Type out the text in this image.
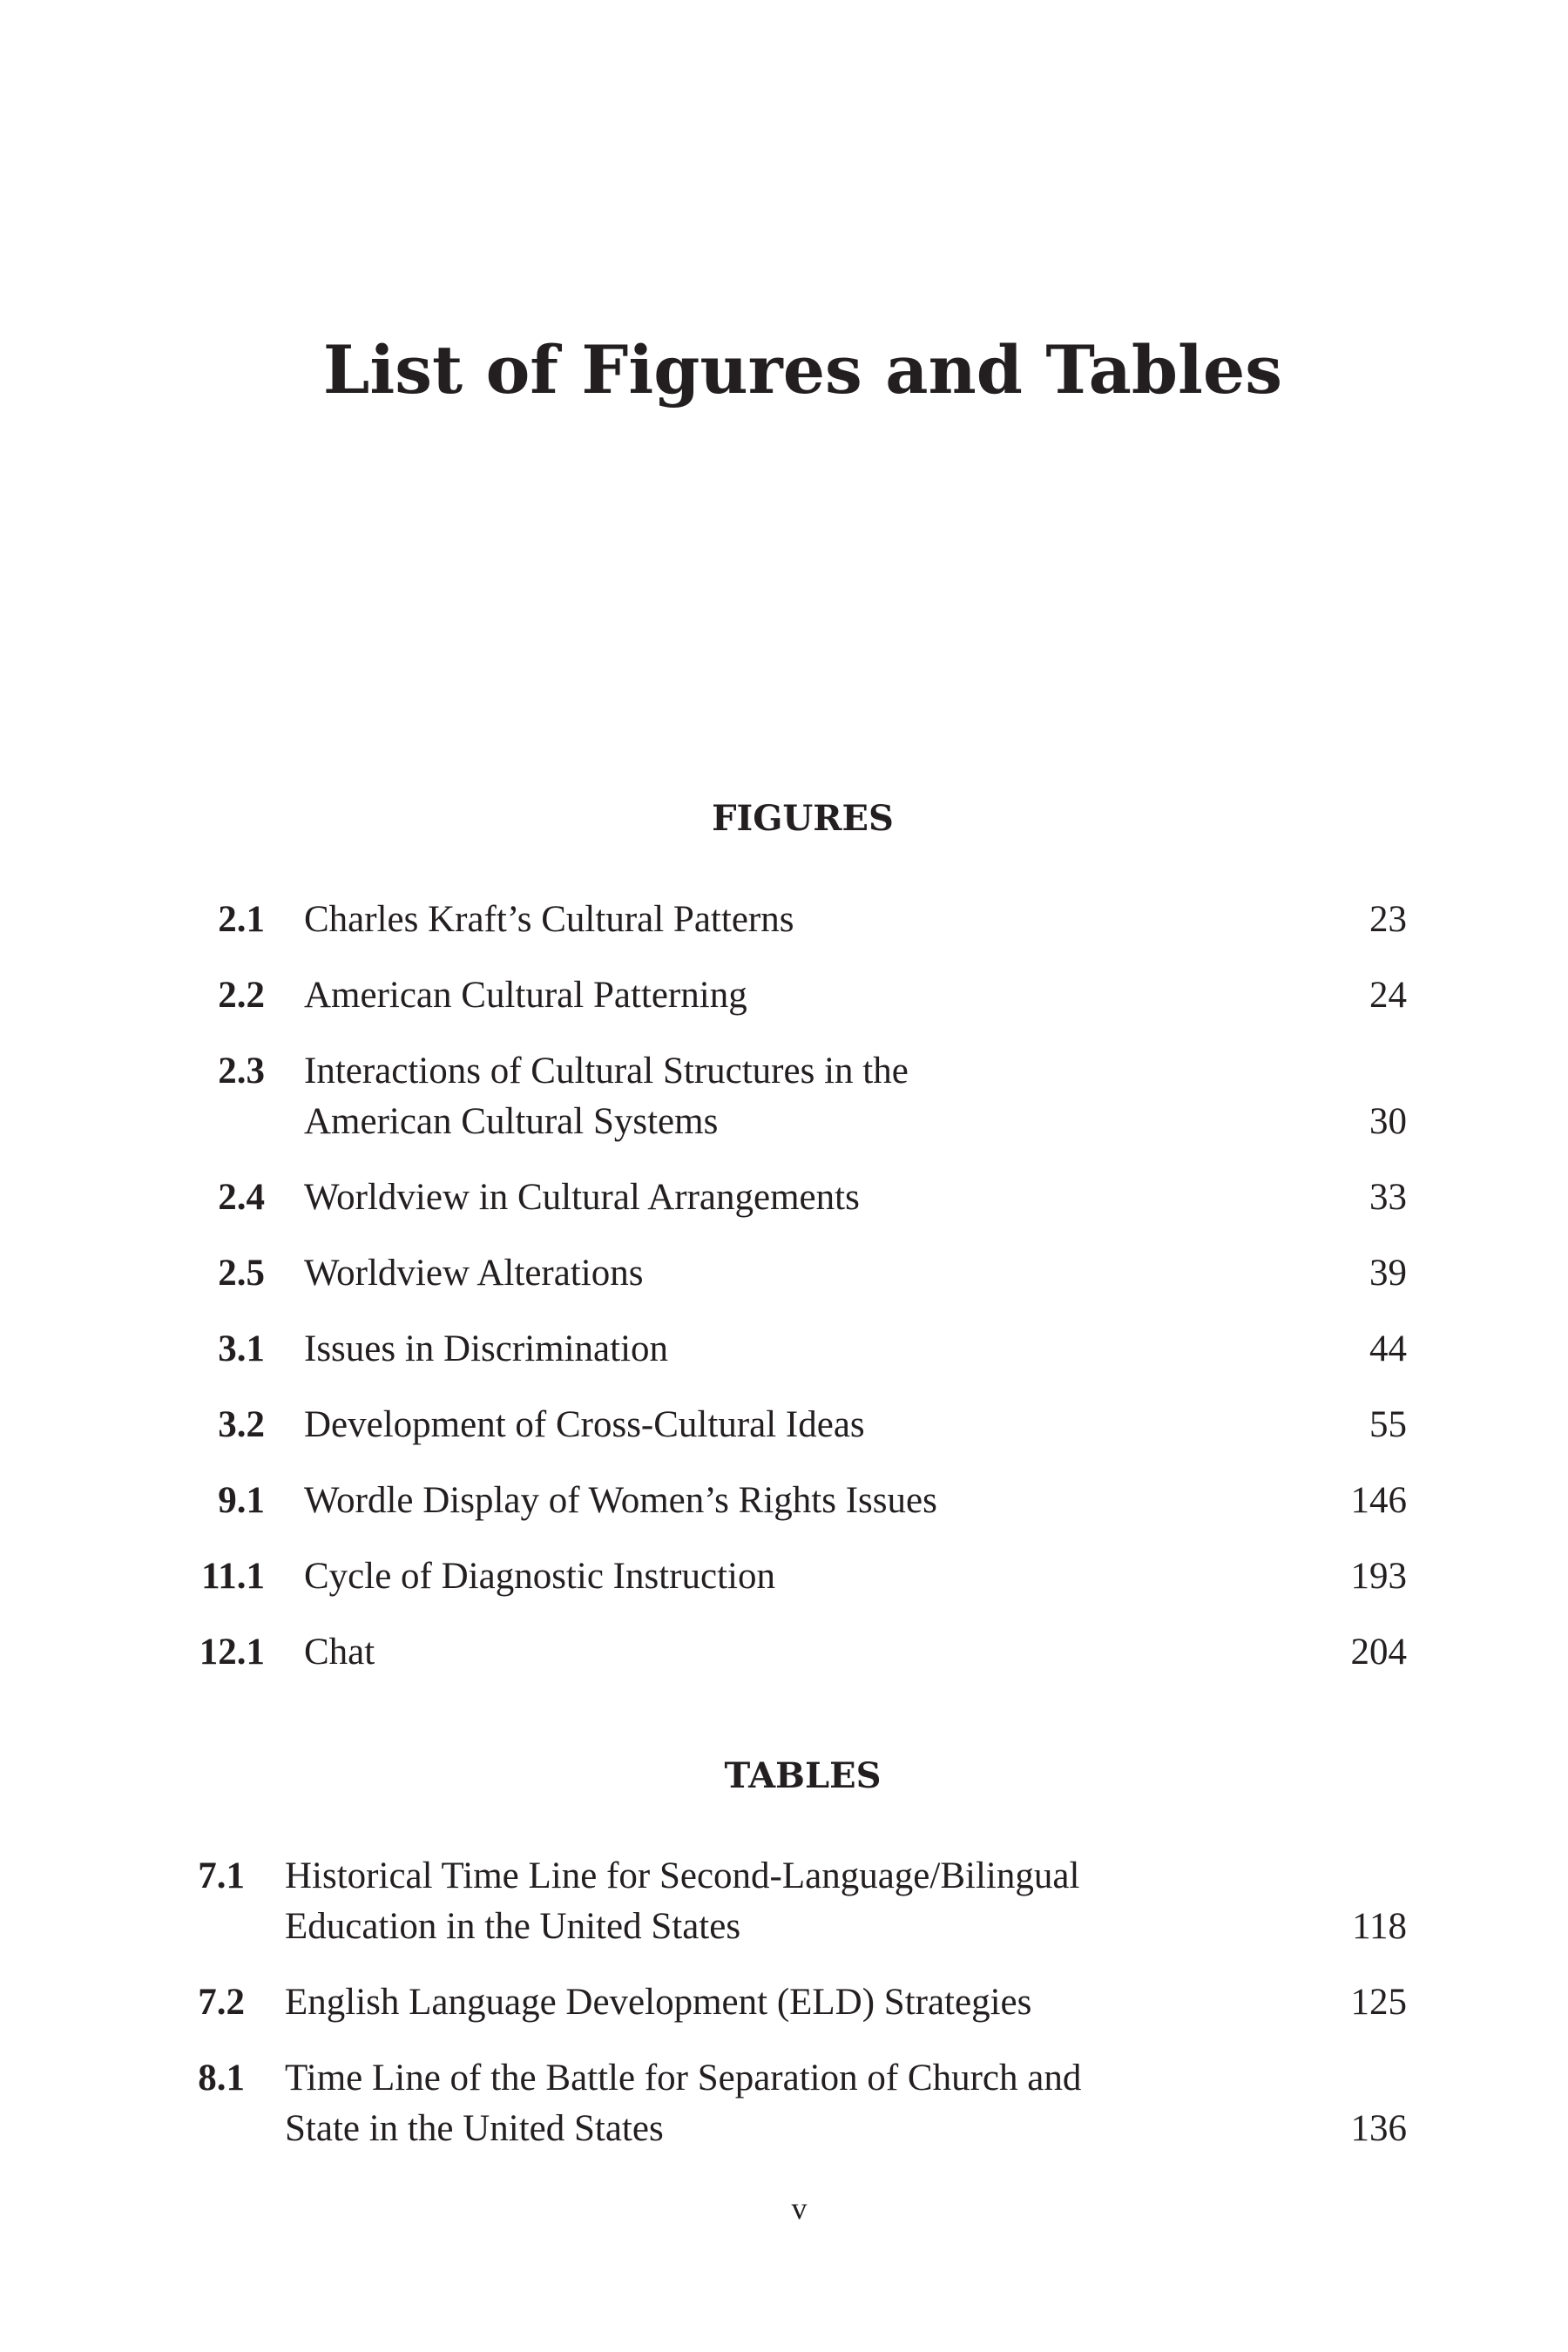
List of Figures and Tables
FIGURES
2.1 Charles Kraft’s Cultural Patterns	23
2.2 American Cultural Patterning	24
2.3 Interactions of Cultural Structures in the
American Cultural Systems	30
2.4 Worldview in Cultural Arrangements	33
2.5 Worldview Alterations	39
3.1 Issues in Discrimination	44
3.2 Development of Cross-Cultural Ideas	55
9.1 Wordle Display of Women’s Rights Issues	146
11.1 Cycle of Diagnostic Instruction	193
12.1 Chat	204
TABLES
7.1 Historical Time Line for Second-Language/Bilingual
Education in the United States	118
7.2 English Language Development (ELD) Strategies	125
8.1 Time Line of the Battle for Separation of Church and
State in the United States	136
v
